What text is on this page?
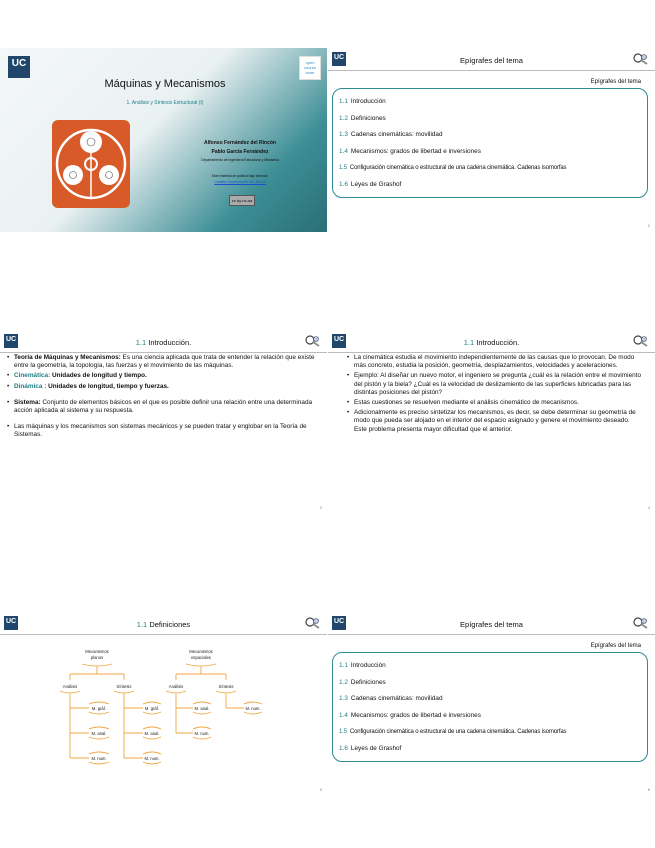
UC
	open course ware
Máquinas y Mecanismos
1. Análisis y Síntesis Estructural (I)
Alfonso Fernández del Rincón
Pablo García Fernández
Departamento de Ingeniería Estructural y Mecánica
Este material se publica bajo licencia:
Creative Commons BY-NC-SA 4.0
cc by-nc-sa
UC	Epígrafes del tema
Epígrafes del tema
1.1 Introducción
1.2 Definiciones
1.3 Cadenas cinemáticas: movilidad
1.4 Mecanismos: grados de libertad e inversiones
1.5 Configuración cinemática o estructural de una cadena cinemática. Cadenas isomorfas
1.6 Leyes de Grashof
2
UC	1.1 Introducción.
• Teoría de Máquinas y Mecanismos: Es una ciencia aplicada que trata de entender la relación que existe entre la geometría, la topología, las fuerzas y el movimiento de las máquinas.
• Cinemática: Unidades de longitud y tiempo.
• Dinámica : Unidades de longitud, tiempo y fuerzas.
• Sistema: Conjunto de elementos básicos en el que es posible definir una relación entre una determinada acción aplicada al sistema y su respuesta.
• Las máquinas y los mecanismos son sistemas mecánicos y se pueden tratar y englobar en la Teoría de Sistemas.
3
UC	1.1 Introducción.
• La cinemática estudia el movimiento independientemente de las causas que lo provocan. De modo más concreto, estudia la posición, geometría, desplazamientos, velocidades y aceleraciones.
• Ejemplo: Al diseñar un nuevo motor, el ingeniero se pregunta ¿cuál es la relación entre el movimiento del pistón y la biela? ¿Cuál es la velocidad de deslizamiento de las superficies lubricadas para las distintas posiciones del pistón?
• Estas cuestiones se resuelven mediante el análisis cinemático de mecanismos.
• Adicionalmente es preciso sintetizar los mecanismos, es decir, se debe determinar su geometría de modo que pueda ser alojado en el interior del espacio asignado y genere el movimiento deseado. Este problema presenta mayor dificultad que el anterior.
4
UC	1.1 Definiciones
Mecanismos
planos
Mecanismos
espaciales
Análisis	Síntesis	Análisis	Síntesis
M. gráf.
M. anal.
M. num.
M. gráf.
M. anal.
M. num.
M. anal.
M. num.
M. num.
5
UC	Epígrafes del tema
Epígrafes del tema
1.1 Introducción
1.2 Definiciones
1.3 Cadenas cinemáticas: movilidad
1.4 Mecanismos: grados de libertad e inversiones
1.5 Configuración cinemática o estructural de una cadena cinemática. Cadenas isomorfas
1.6 Leyes de Grashof
6
